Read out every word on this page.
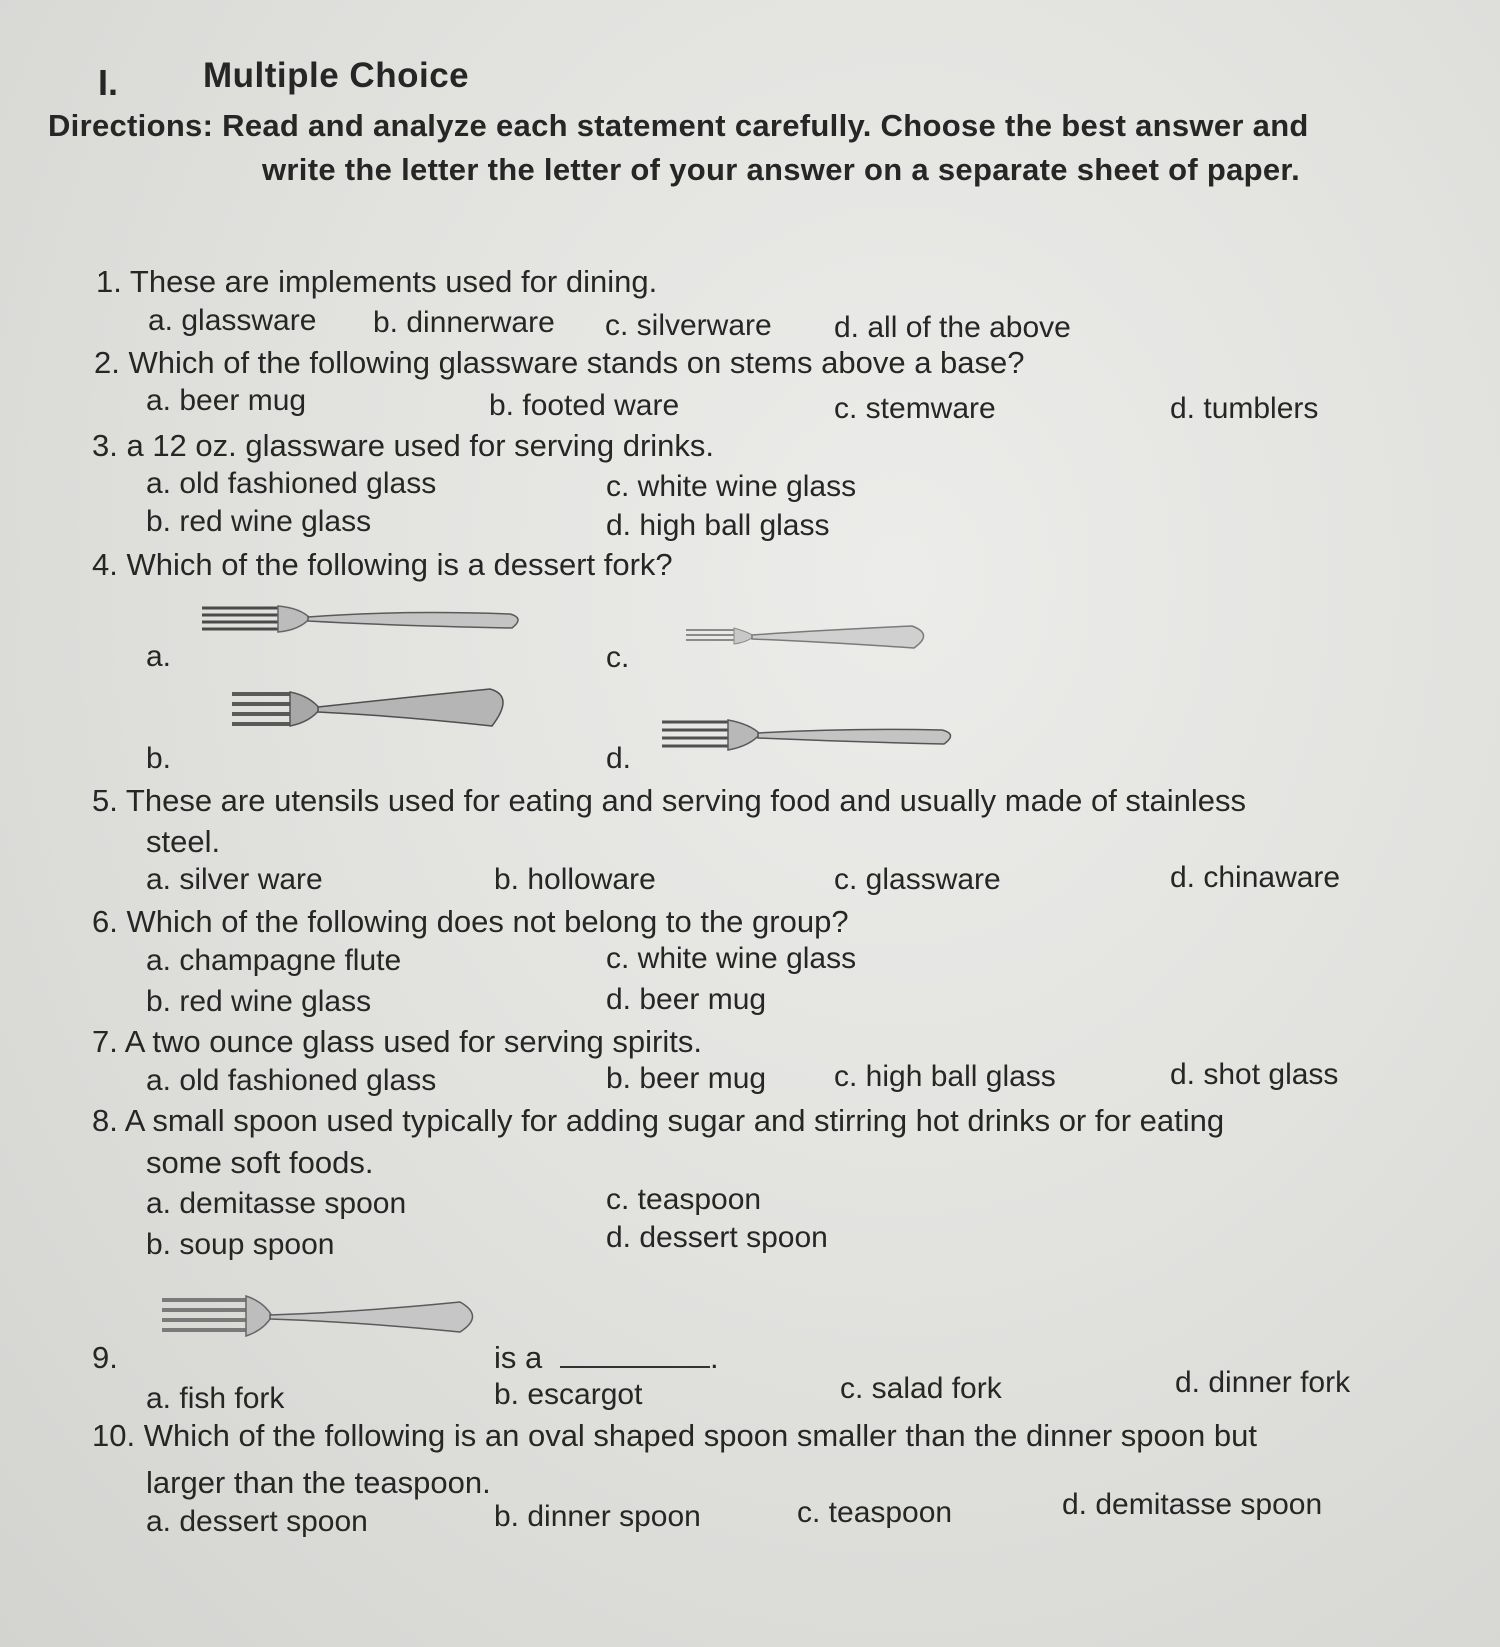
I. Multiple Choice
Directions: Read and analyze each statement carefully. Choose the best answer and
write the letter the letter of your answer on a separate sheet of paper.
1. These are implements used for dining.
a. glassware b. dinnerware c. silverware d. all of the above
2. Which of the following glassware stands on stems above a base?
a. beer mug	b. footed ware	c. stemware	d. tumblers
3. a 12 oz. glassware used for serving drinks.
a. old fashioned glass	c. white wine glass
b. red wine glass	d. high ball glass
4. Which of the following is a dessert fork?
a.	c.
b.	d.
5. These are utensils used for eating and serving food and usually made of stainless
steel.
a. silver ware	b. holloware	c. glassware	d. chinaware
6. Which of the following does not belong to the group?
a. champagne flute	c. white wine glass
b. red wine glass	d. beer mug
7. A two ounce glass used for serving spirits.
a. old fashioned glass	b. beer mug c. high ball glass	d. shot glass
8. A small spoon used typically for adding sugar and stirring hot drinks or for eating
some soft foods.
a. demitasse spoon	c. teaspoon
b. soup spoon	d. dessert spoon
9.	is a	.
a. fish fork	b. escargot	c. salad fork	d. dinner fork
10. Which of the following is an oval shaped spoon smaller than the dinner spoon but
larger than the teaspoon.
a. dessert spoon	b. dinner spoon	c. teaspoon	d. demitasse spoon
